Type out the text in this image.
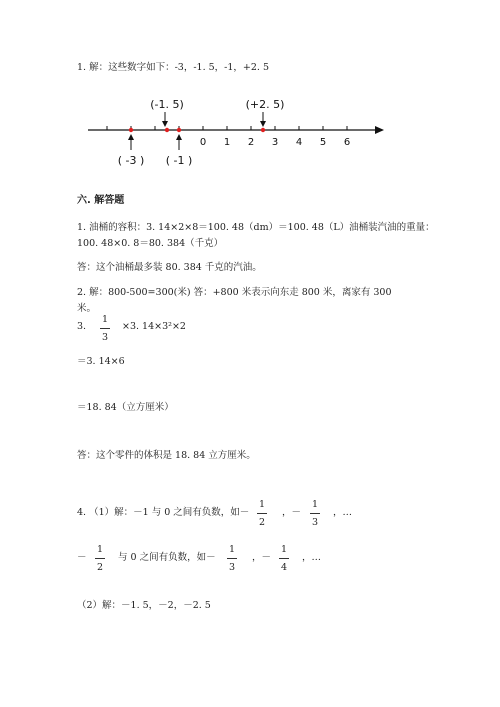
1. 解：这些数字如下：-3，-1. 5，-1，+2. 5
0 1 2 3 4 5 6
(-1. 5)	(+2. 5)
( -3 ) ( -1 )
六. 解答题
1. 油桶的容积：3. 14×2×8＝100. 48（dm）＝100. 48（L）油桶装汽油的重量：
100. 48×0. 8＝80. 384（千克）
答：这个油桶最多装 80. 384 千克的汽油。
2. 解：800-500=300(米) 答：+800 米表示向东走 800 米，离家有 300
米。
3.
1
3
×3. 14×3²×2
＝3. 14×6
＝18. 84（立方厘米）
答：这个零件的体积是 18. 84 立方厘米。
4. （1）解：－1 与 0 之间有负数，如－
1
2
，－
1
3
，…
－
1
2
与 0 之间有负数，如－
1
3
，－
1
4
，…
（2）解：－1. 5，－2，－2. 5
